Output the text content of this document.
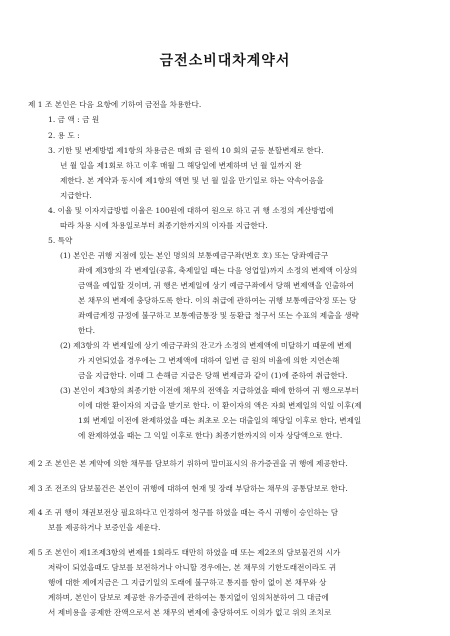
금전소비대차계약서
제 1 조 본인은 다음 요항에 기하여 금전을 차용한다.
1. 금 액 : 금 원
2. 용 도 :
3. 기한 및 변제방법 제1항의 차용금은 매회 금 원씩 10 회의 균등 분할변제로 한다.
년 월 일을 제1회로 하고 이후 매월 그 해당일에 변제하며 년 월 일까지 완
제한다. 본 계약과 동시에 제1항의 액면 및 년 월 일을 만기일로 하는 약속어음을
지급한다.
4. 이율 및 이자지급방법 이율은 100원에 대하여 원으로 하고 귀 행 소정의 계산방법에
따라 차용 시에 차용일로부터 최종기한까지의 이자를 지급한다.
5. 특약
(1) 본인은 귀행 지점에 있는 본인 명의의 보통예금구좌(번호 호) 또는 당좌예금구
좌에 제3항의 각 변제일(공휴, 축제일일 때는 다음 영업일)까지 소정의 변제액 이상의
금액을 예입할 것이며, 귀 행은 변제일에 상기 예금구좌에서 당해 변제액을 인출하여
본 채무의 변제에 충당하도록 한다. 이의 취급에 관하여는 귀행 보통예금약정 또는 당
좌예금계정 규정에 불구하고 보통예금통장 및 동환급 청구서 또는 수표의 제출을 생략
한다.
(2) 제3항의 각 변제일에 상기 예금구좌의 잔고가 소정의 변제액에 미달하기 때문에 변제
가 지연되었을 경우에는 그 변제액에 대하여 일변 금 원의 비율에 의한 지연손해
금을 지급한다. 이때 그 손해금 지급은 당해 변제금과 같이 (1)에 준하여 취급한다.
(3) 본인이 제3항의 최종기한 이전에 채무의 전액을 지급하였을 때에 한하여 귀 행으로부터
이에 대한 환이자의 지급을 받기로 한다. 이 환이자의 액은 자회 변제일의 익일 이후(제
1회 변제일 이전에 완제하였을 때는 최초로 오는 대출일의 해당일 이후로 한다, 변제일
에 완제하였을 때는 그 익일 이후로 한다) 최종기한까지의 이자 상당액으로 한다.
제 2 조 본인은 본 계약에 의한 채무를 담보하기 위하여 말미표시의 유가증권을 귀 행에 제공한다.
제 3 조 전조의 담보물건은 본인이 귀행에 대하여 현재 및 장래 부담하는 채무의 공통담보로 한다.
제 4 조 귀 행이 채권보전상 필요하다고 인정하여 청구를 하였을 때는 즉시 귀행이 승인하는 담
보를 제공하거나 보증인을 세운다.
제 5 조 본인이 제1조제3항의 변제를 1회라도 태만히 하였을 때 또는 제2조의 담보물건의 시가
저락이 되었을때도 담보를 보전하거나 아니할 경우에는, 본 채무의 기한도래전이라도 귀
행에 대한 제에지금은 그 지급기일의 도래에 불구하고 통지를 함이 없이 본 채무와 상
계하며, 본인이 담보로 제공한 유가증권에 관하여는 통지없이 임의처분하여 그 대금에
서 제비용을 공제한 잔액으로서 본 채무의 변제에 충당하여도 이의가 없고 위의 조치로
